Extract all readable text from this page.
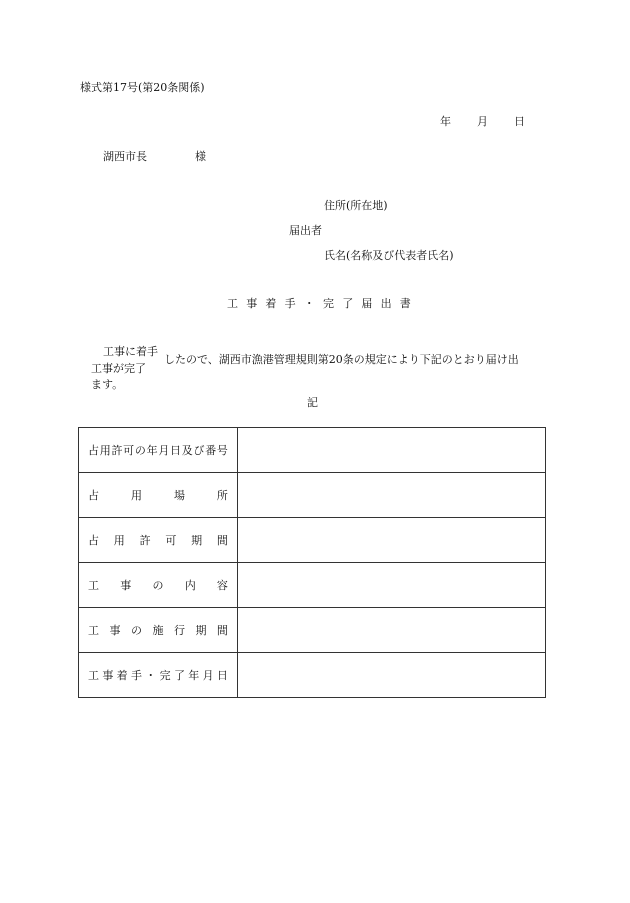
様式第17号(第20条関係)
年 月 日
湖西市長	様
住所(所在地)
届出者
氏名(名称及び代表者氏名)
工事着手・完了届出書
工事に着手
工事が完了
したので、湖西市漁港管理規則第20条の規定により下記のとおり届け出
ます。
記
占用許可の年月日及び番号	

占用場所	

占用許可期間	

工事の内容	

工事の施行期間	

工事着手・完了年月日	
